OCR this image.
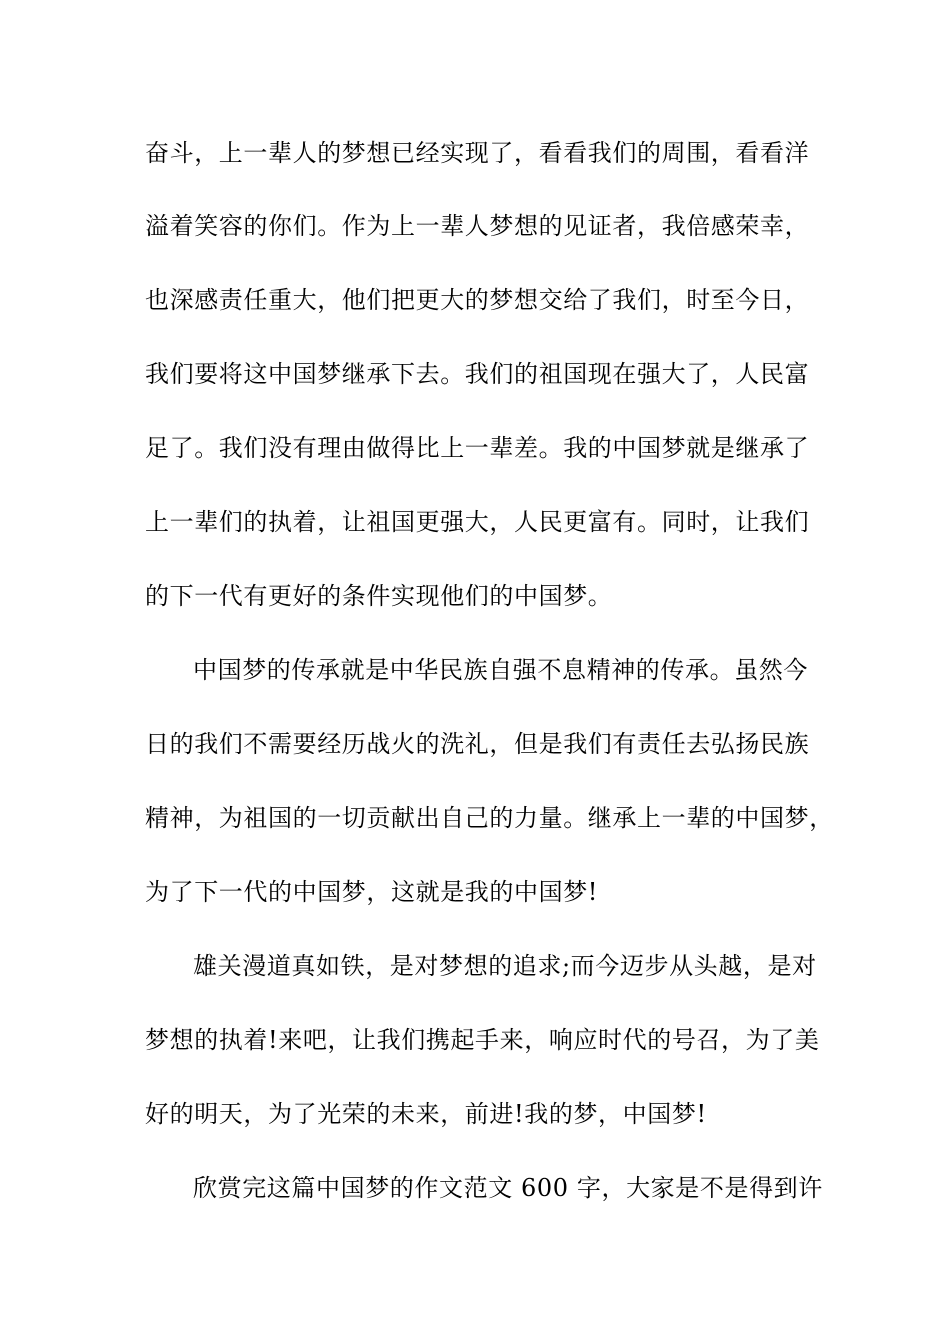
奋斗，上一辈人的梦想已经实现了，看看我们的周围，看看洋
溢着笑容的你们。作为上一辈人梦想的见证者，我倍感荣幸，
也深感责任重大，他们把更大的梦想交给了我们，时至今日，
我们要将这中国梦继承下去。我们的祖国现在强大了，人民富
足了。我们没有理由做得比上一辈差。我的中国梦就是继承了
上一辈们的执着，让祖国更强大，人民更富有。同时，让我们
的下一代有更好的条件实现他们的中国梦。
中国梦的传承就是中华民族自强不息精神的传承。虽然今
日的我们不需要经历战火的洗礼，但是我们有责任去弘扬民族
精神，为祖国的一切贡献出自己的力量。继承上一辈的中国梦，
为了下一代的中国梦，这就是我的中国梦!
雄关漫道真如铁，是对梦想的追求;而今迈步从头越，是对
梦想的执着!来吧，让我们携起手来，响应时代的号召，为了美
好的明天，为了光荣的未来，前进!我的梦，中国梦!
欣赏完这篇中国梦的作文范文 600 字，大家是不是得到许
